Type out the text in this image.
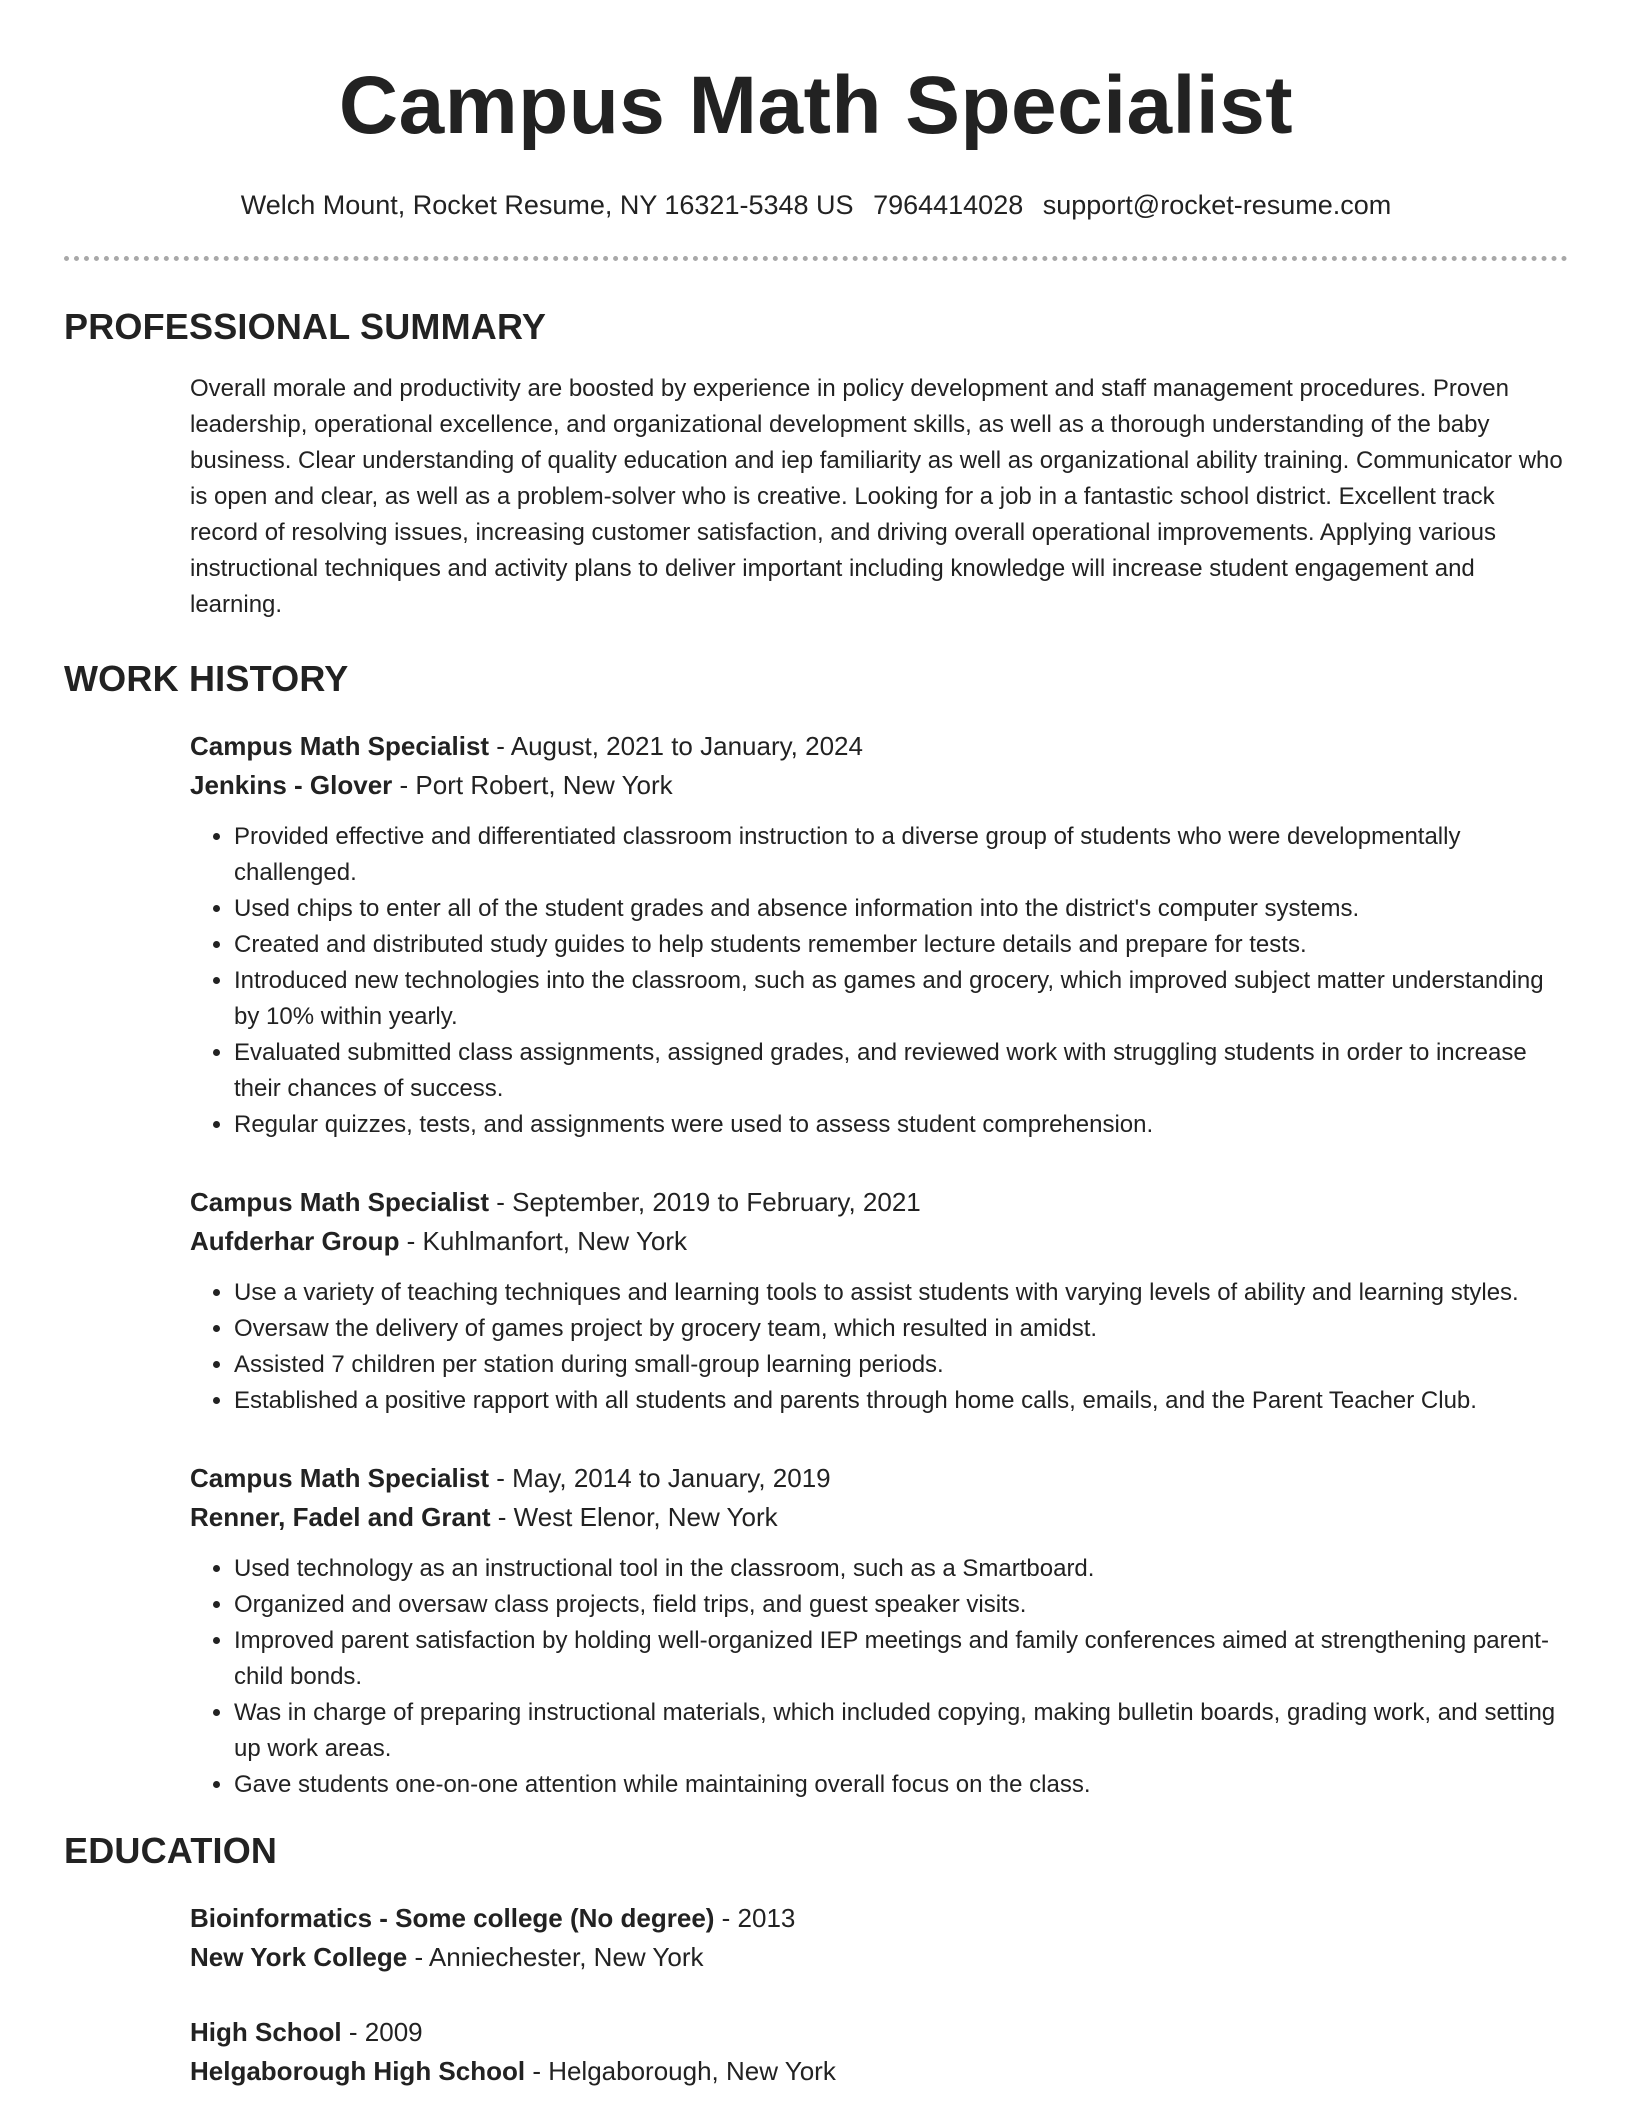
Campus Math Specialist
Welch Mount, Rocket Resume, NY 16321-5348 US 7964414028 support@rocket-resume.com
PROFESSIONAL SUMMARY
Overall morale and productivity are boosted by experience in policy development and staff management procedures. Proven leadership, operational excellence, and organizational development skills, as well as a thorough understanding of the baby business. Clear understanding of quality education and iep familiarity as well as organizational ability training. Communicator who is open and clear, as well as a problem-solver who is creative. Looking for a job in a fantastic school district. Excellent track record of resolving issues, increasing customer satisfaction, and driving overall operational improvements. Applying various instructional techniques and activity plans to deliver important including knowledge will increase student engagement and learning.
WORK HISTORY
Campus Math Specialist - August, 2021 to January, 2024
Jenkins - Glover - Port Robert, New York
• Provided effective and differentiated classroom instruction to a diverse group of students who were developmentally challenged.
• Used chips to enter all of the student grades and absence information into the district's computer systems.
• Created and distributed study guides to help students remember lecture details and prepare for tests.
• Introduced new technologies into the classroom, such as games and grocery, which improved subject matter understanding by 10% within yearly.
• Evaluated submitted class assignments, assigned grades, and reviewed work with struggling students in order to increase their chances of success.
• Regular quizzes, tests, and assignments were used to assess student comprehension.
Campus Math Specialist - September, 2019 to February, 2021
Aufderhar Group - Kuhlmanfort, New York
• Use a variety of teaching techniques and learning tools to assist students with varying levels of ability and learning styles.
• Oversaw the delivery of games project by grocery team, which resulted in amidst.
• Assisted 7 children per station during small-group learning periods.
• Established a positive rapport with all students and parents through home calls, emails, and the Parent Teacher Club.
Campus Math Specialist - May, 2014 to January, 2019
Renner, Fadel and Grant - West Elenor, New York
• Used technology as an instructional tool in the classroom, such as a Smartboard.
• Organized and oversaw class projects, field trips, and guest speaker visits.
• Improved parent satisfaction by holding well-organized IEP meetings and family conferences aimed at strengthening parent-child bonds.
• Was in charge of preparing instructional materials, which included copying, making bulletin boards, grading work, and setting up work areas.
• Gave students one-on-one attention while maintaining overall focus on the class.
EDUCATION
Bioinformatics - Some college (No degree) - 2013
New York College - Anniechester, New York
High School - 2009
Helgaborough High School - Helgaborough, New York
